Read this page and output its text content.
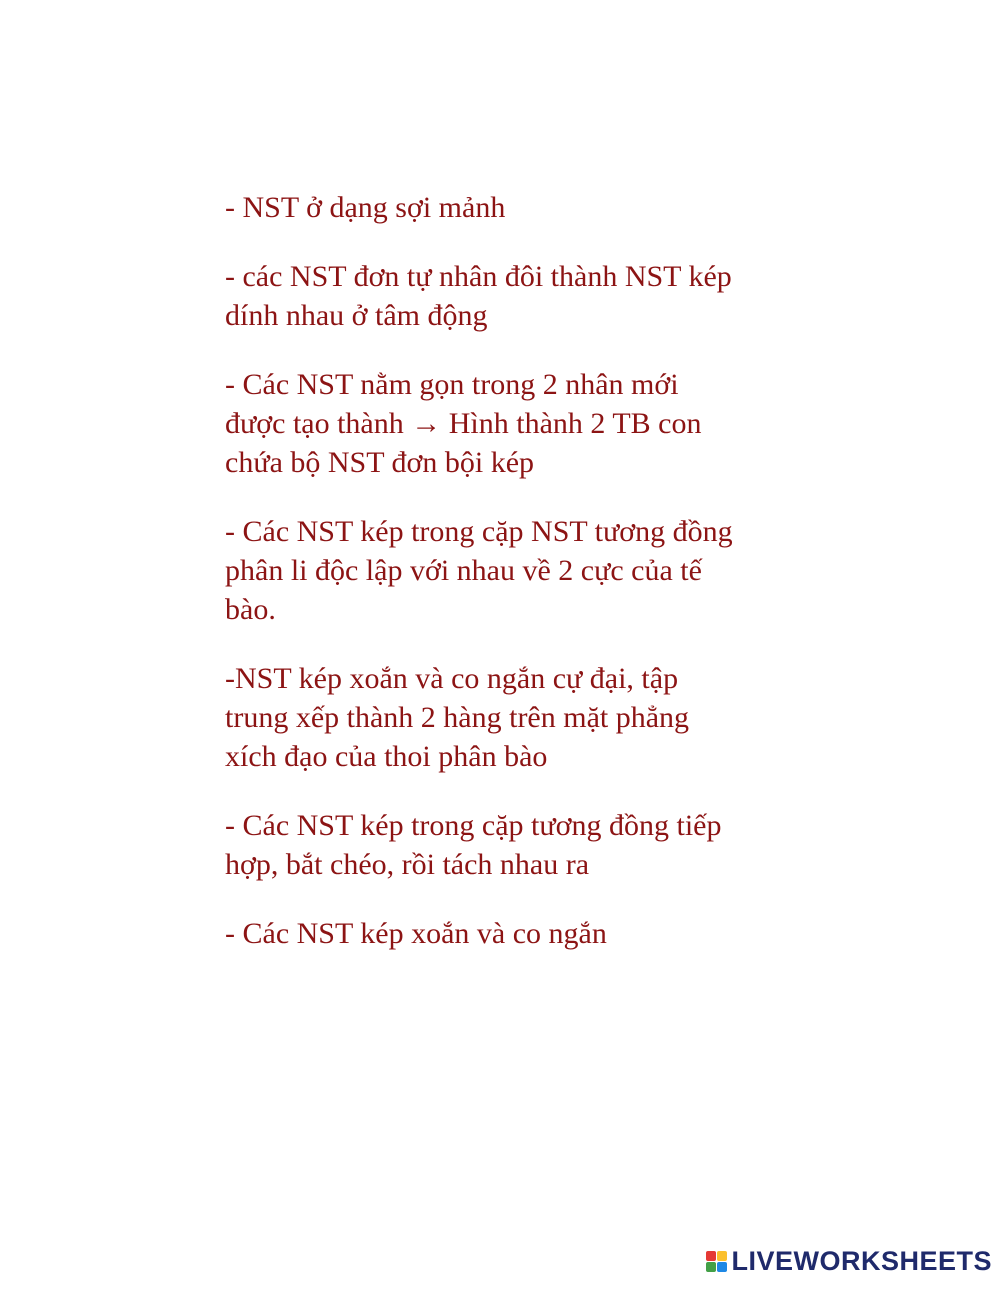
- NST ở dạng sợi mảnh
- các NST đơn tự nhân đôi thành NST kép
dính nhau ở tâm động
- Các NST nằm gọn trong 2 nhân mới
được tạo thành → Hình thành 2 TB con
chứa bộ NST đơn bội kép
- Các NST kép trong cặp NST tương đồng
phân li độc lập với nhau về 2 cực của tế
bào.
-NST kép xoắn và co ngắn cự đại, tập
trung xếp thành 2 hàng trên mặt phẳng
xích đạo của thoi phân bào
- Các NST kép trong cặp tương đồng tiếp
hợp, bắt chéo, rồi tách nhau ra
- Các NST kép xoắn và co ngắn
LIVEWORKSHEETS
